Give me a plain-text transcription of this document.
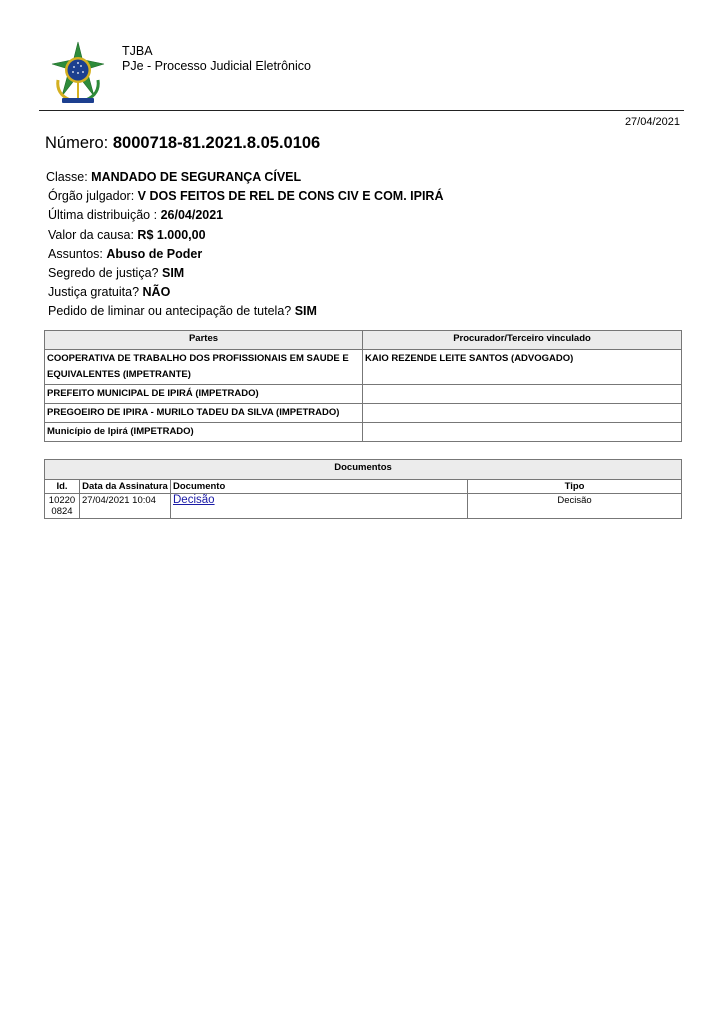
TJBA
PJe - Processo Judicial Eletrônico
27/04/2021
Número: 8000718-81.2021.8.05.0106
Classe: MANDADO DE SEGURANÇA CÍVEL
Órgão julgador: V DOS FEITOS DE REL DE CONS CIV E COM. IPIRÁ
Última distribuição : 26/04/2021
Valor da causa: R$ 1.000,00
Assuntos: Abuso de Poder
Segredo de justiça? SIM
Justiça gratuita? NÃO
Pedido de liminar ou antecipação de tutela? SIM
Partes	Procurador/Terceiro vinculado
COOPERATIVA DE TRABALHO DOS PROFISSIONAIS EM SAUDE E EQUIVALENTES (IMPETRANTE)	KAIO REZENDE LEITE SANTOS (ADVOGADO)
PREFEITO MUNICIPAL DE IPIRÁ (IMPETRADO)	
PREGOEIRO DE IPIRA - MURILO TADEU DA SILVA (IMPETRADO)	
Município de Ipirá (IMPETRADO)	
Documentos			
Id.	Data da Assinatura	Documento	Tipo
10220 0824	27/04/2021 10:04	Decisão	Decisão
